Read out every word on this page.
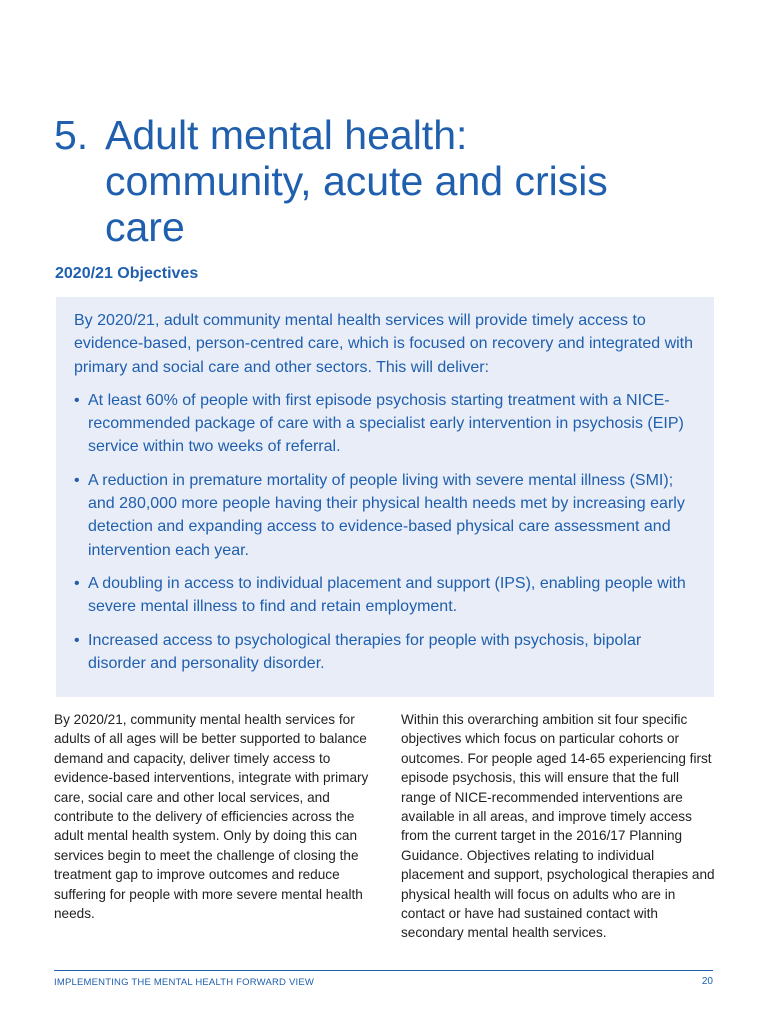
5. Adult mental health:
community, acute and crisis
care
2020/21 Objectives

By 2020/21, adult community mental health services will provide timely access to evidence-based, person-centred care, which is focused on recovery and integrated with primary and social care and other sectors. This will deliver:

• At least 60% of people with first episode psychosis starting treatment with a NICE-recommended package of care with a specialist early intervention in psychosis (EIP) service within two weeks of referral.
• A reduction in premature mortality of people living with severe mental illness (SMI); and 280,000 more people having their physical health needs met by increasing early detection and expanding access to evidence-based physical care assessment and intervention each year.
• A doubling in access to individual placement and support (IPS), enabling people with severe mental illness to find and retain employment.
• Increased access to psychological therapies for people with psychosis, bipolar disorder and personality disorder.
By 2020/21, community mental health services for adults of all ages will be better supported to balance demand and capacity, deliver timely access to evidence-based interventions, integrate with primary care, social care and other local services, and contribute to the delivery of efficiencies across the adult mental health system. Only by doing this can services begin to meet the challenge of closing the treatment gap to improve outcomes and reduce suffering for people with more severe mental health needs.
Within this overarching ambition sit four specific objectives which focus on particular cohorts or outcomes. For people aged 14-65 experiencing first episode psychosis, this will ensure that the full range of NICE-recommended interventions are available in all areas, and improve timely access from the current target in the 2016/17 Planning Guidance. Objectives relating to individual placement and support, psychological therapies and physical health will focus on adults who are in contact or have had sustained contact with secondary mental health services.
IMPLEMENTING THE MENTAL HEALTH FORWARD VIEW	20
